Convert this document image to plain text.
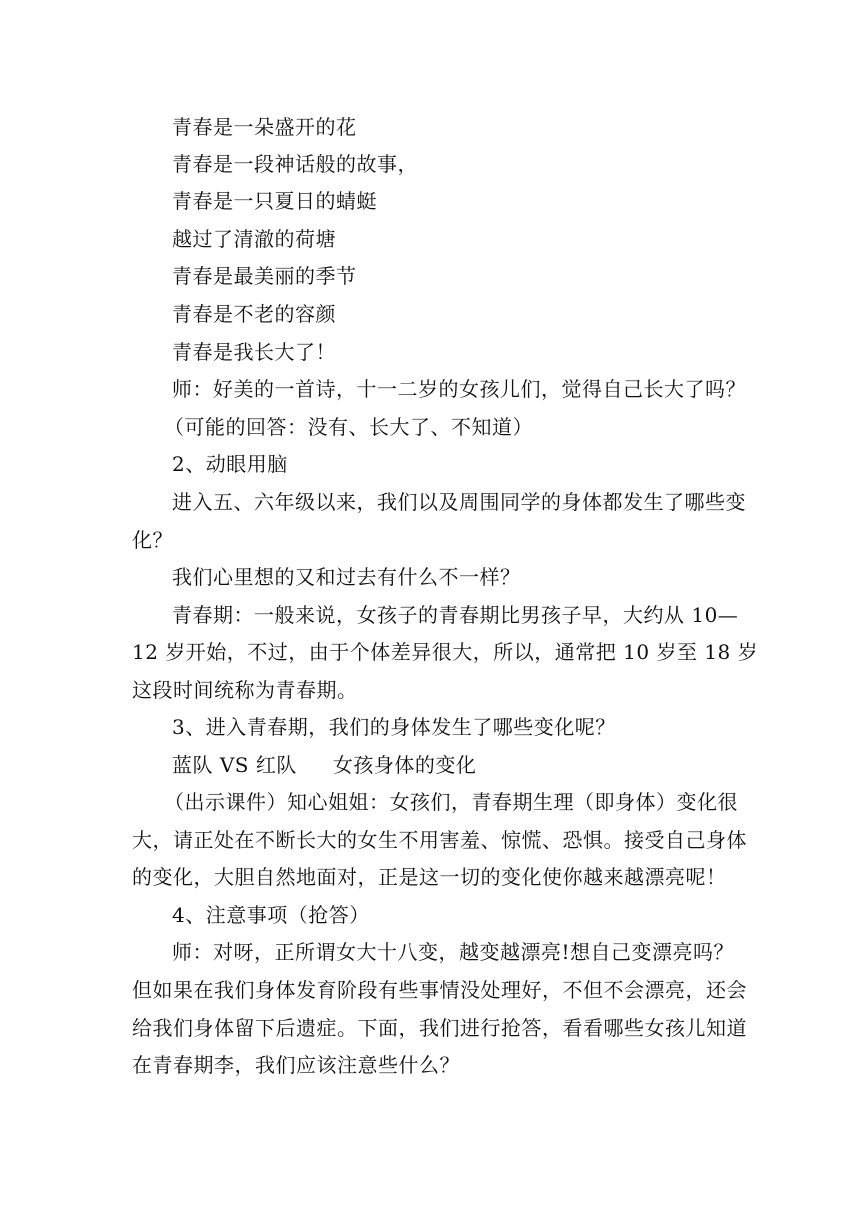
青春是一朵盛开的花
青春是一段神话般的故事，
青春是一只夏日的蜻蜓
越过了清澈的荷塘
青春是最美丽的季节
青春是不老的容颜
青春是我长大了！
师：好美的一首诗，十一二岁的女孩儿们，觉得自己长大了吗？
（可能的回答：没有、长大了、不知道）
2、动眼用脑
进入五、六年级以来，我们以及周围同学的身体都发生了哪些变
化？
我们心里想的又和过去有什么不一样？
青春期：一般来说，女孩子的青春期比男孩子早，大约从 10—
12 岁开始，不过，由于个体差异很大，所以，通常把 10 岁至 18 岁
这段时间统称为青春期。
3、进入青春期，我们的身体发生了哪些变化呢？
蓝队 VS 红队 女孩身体的变化
（出示课件）知心姐姐：女孩们，青春期生理（即身体）变化很
大，请正处在不断长大的女生不用害羞、惊慌、恐惧。接受自己身体
的变化，大胆自然地面对，正是这一切的变化使你越来越漂亮呢！
4、注意事项（抢答）
师：对呀，正所谓女大十八变，越变越漂亮!想自己变漂亮吗？
但如果在我们身体发育阶段有些事情没处理好，不但不会漂亮，还会
给我们身体留下后遗症。下面，我们进行抢答，看看哪些女孩儿知道
在青春期李，我们应该注意些什么？
